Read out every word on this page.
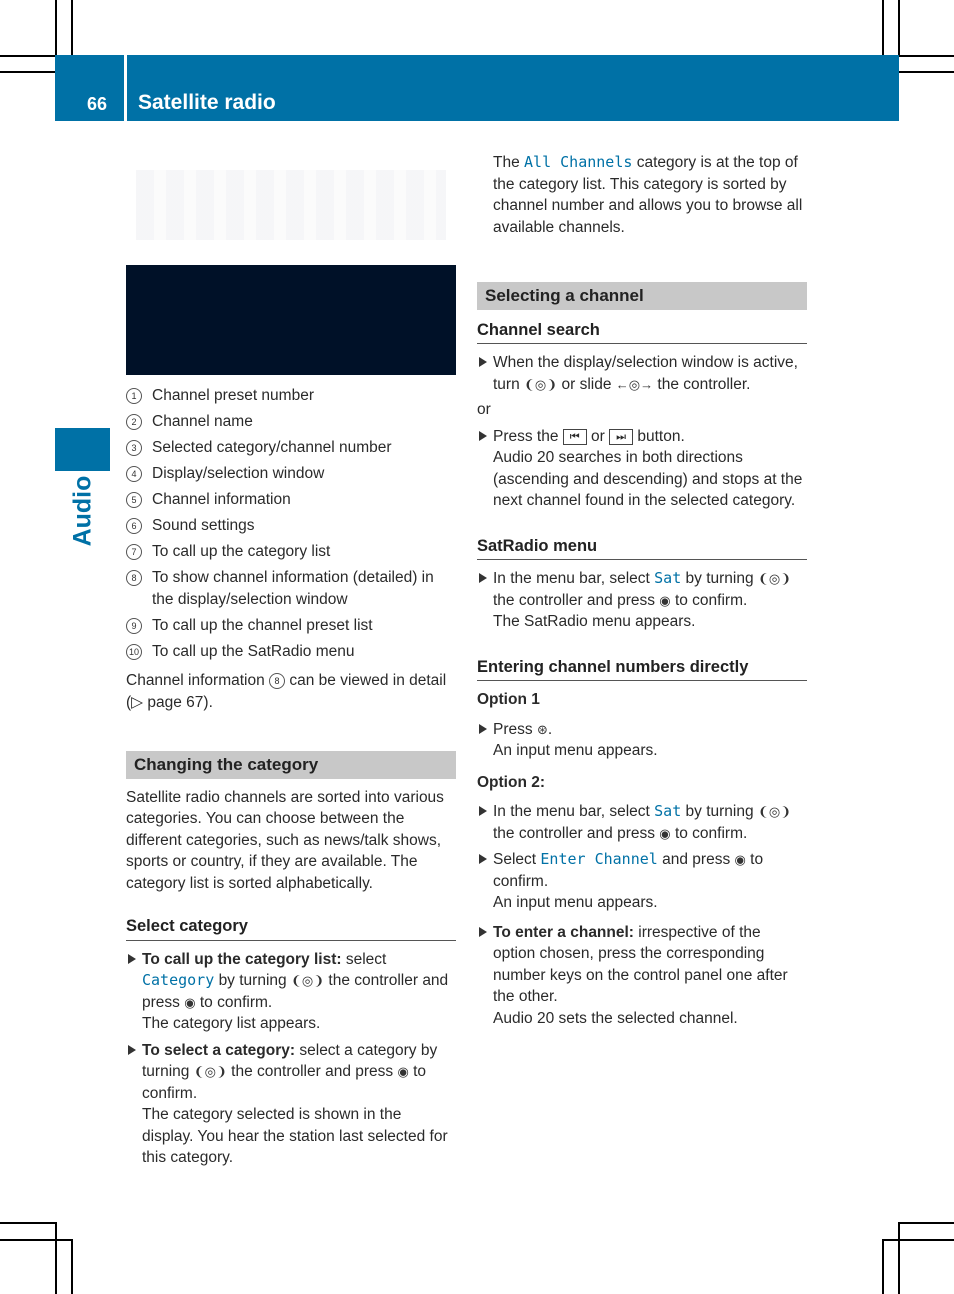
66 Satellite radio
Audio
1	Channel preset number
2	Channel name
3	Selected category/channel number
4	Display/selection window
5	Channel information
6	Sound settings
7	To call up the category list
8	To show channel information (detailed) in the display/selection window
9	To call up the channel preset list
10 To call up the SatRadio menu

Channel information 8 can be viewed in detail (▷ page 67).

Changing the category

Satellite radio channels are sorted into various categories. You can choose between the different categories, such as news/talk shows, sports or country, if they are available. The category list is sorted alphabetically.

Select category
To call up the category list: select Category by turning ❨◎❩ the controller and press ◉ to confirm.
The category list appears.
To select a category: select a category by turning ❨◎❩ the controller and press ◉ to confirm.
The category selected is shown in the display. You hear the station last selected for this category.
The All Channels category is at the top of the category list. This category is sorted by channel number and allows you to browse all available channels.
Selecting a channel
Channel search
When the display/selection window is active, turn ❨◎❩ or slide ←◎→ the controller.

or

Press the ⏮ or ⏭ button.
Audio 20 searches in both directions (ascending and descending) and stops at the next channel found in the selected category.
SatRadio menu
In the menu bar, select Sat by turning ❨◎❩ the controller and press ◉ to confirm.
The SatRadio menu appears.
Entering channel numbers directly

Option 1

Press ⊛.
An input menu appears.

Option 2:

In the menu bar, select Sat by turning ❨◎❩ the controller and press ◉ to confirm.
Select Enter Channel and press ◉ to confirm.
An input menu appears.
To enter a channel: irrespective of the option chosen, press the corresponding number keys on the control panel one after the other.
Audio 20 sets the selected channel.
